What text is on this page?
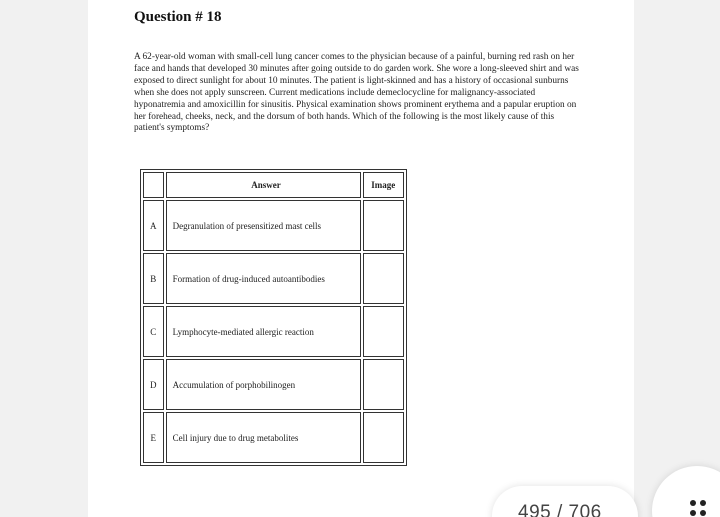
Question # 18

A 62-year-old woman with small-cell lung cancer comes to the physician because of a painful, burning red rash on her face and hands that developed 30 minutes after going outside to do garden work. She wore a long-sleeved shirt and was exposed to direct sunlight for about 10 minutes. The patient is light-skinned and has a history of occasional sunburns when she does not apply sunscreen. Current medications include demeclocycline for malignancy-associated hyponatremia and amoxicillin for sinusitis. Physical examination shows prominent erythema and a papular eruption on her forehead, cheeks, neck, and the dorsum of both hands. Which of the following is the most likely cause of this patient's symptoms?

	Answer	Image
A	Degranulation of presensitized mast cells	
B	Formation of drug-induced autoantibodies	
C	Lymphocyte-mediated allergic reaction	
D	Accumulation of porphobilinogen	
E	Cell injury due to drug metabolites	
495 / 706
